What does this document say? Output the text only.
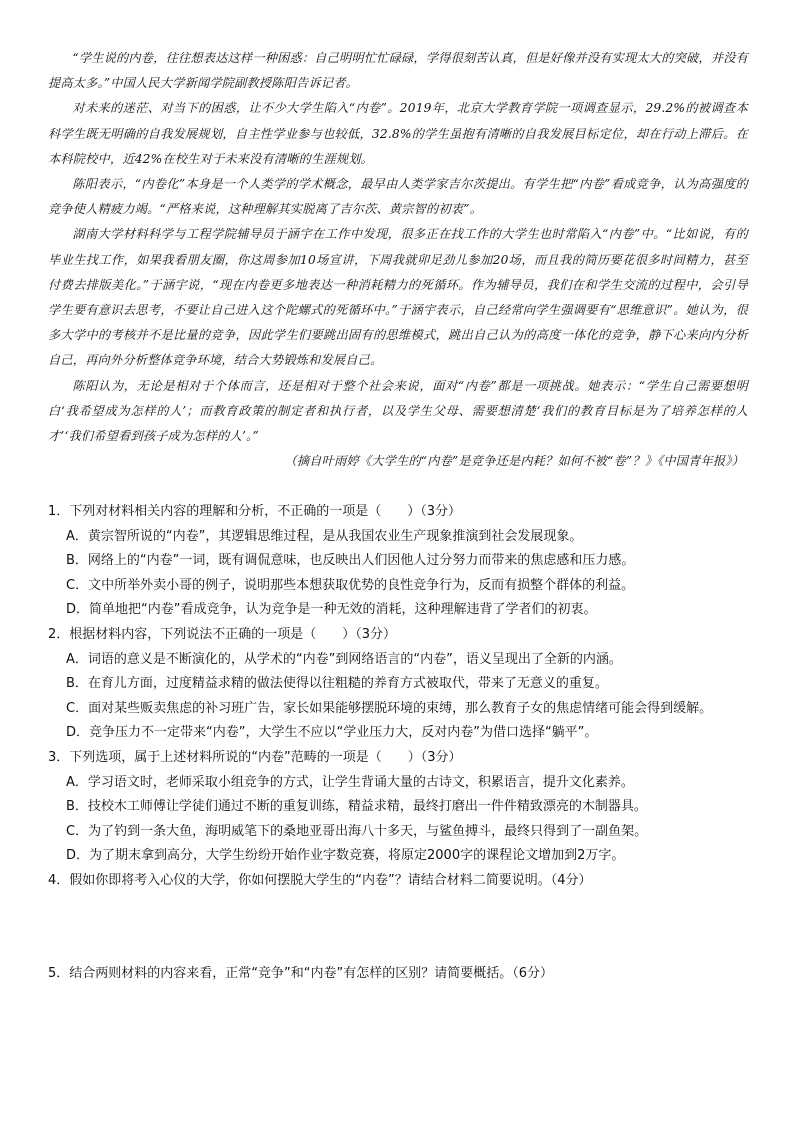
“学生说的内卷，往往想表达这样一种困惑：自己明明忙忙碌碌，学得很刻苦认真，但是好像并没有实现太大的突破，并没有提高太多。”中国人民大学新闻学院副教授陈阳告诉记者。

对未来的迷茫、对当下的困惑，让不少大学生陷入“内卷”。2019年，北京大学教育学院一项调查显示，29.2%的被调查本科学生既无明确的自我发展规划，自主性学业参与也较低，32.8%的学生虽抱有清晰的自我发展目标定位，却在行动上滞后。在本科院校中，近42%在校生对于未来没有清晰的生涯规划。

陈阳表示，“内卷化”本身是一个人类学的学术概念，最早由人类学家吉尔茨提出。有学生把“内卷”看成竞争，认为高强度的竞争使人精疲力竭。“严格来说，这种理解其实脱离了吉尔茨、黄宗智的初衷”。

湖南大学材料科学与工程学院辅导员于涵宇在工作中发现，很多正在找工作的大学生也时常陷入“内卷”中。“比如说，有的毕业生找工作，如果我看朋友圈，你这周参加10场宣讲，下周我就卯足劲儿参加20场，而且我的简历要花很多时间精力，甚至付费去排版美化。”于涵宇说，“现在内卷更多地表达一种消耗精力的死循环。作为辅导员，我们在和学生交流的过程中，会引导学生要有意识去思考，不要让自己进入这个陀螺式的死循环中。”于涵宇表示，自己经常向学生强调要有“思维意识”。她认为，很多大学中的考核并不是比量的竞争，因此学生们要跳出固有的思维模式，跳出自己认为的高度一体化的竞争，静下心来向内分析自己，再向外分析整体竞争环境，结合大势锻炼和发展自己。

陈阳认为，无论是相对于个体而言，还是相对于整个社会来说，面对“内卷”都是一项挑战。她表示：“学生自己需要想明白‘我希望成为怎样的人’；而教育政策的制定者和执行者，以及学生父母、需要想清楚‘我们的教育目标是为了培养怎样的人才’‘我们希望看到孩子成为怎样的人’。”

（摘自叶雨婷《大学生的“内卷”是竞争还是内耗？如何不被“卷”？》《中国青年报》）

1．下列对材料相关内容的理解和分析，不正确的一项是（　　）（3分）

A．黄宗智所说的“内卷”，其逻辑思维过程，是从我国农业生产现象推演到社会发展现象。

B．网络上的“内卷”一词，既有调侃意味，也反映出人们因他人过分努力而带来的焦虑感和压力感。

C．文中所举外卖小哥的例子，说明那些本想获取优势的良性竞争行为，反而有损整个群体的利益。

D．简单地把“内卷”看成竞争，认为竞争是一种无效的消耗，这种理解违背了学者们的初衷。

2．根据材料内容，下列说法不正确的一项是（　　）（3分）

A．词语的意义是不断演化的，从学术的“内卷”到网络语言的“内卷”，语义呈现出了全新的内涵。

B．在育儿方面，过度精益求精的做法使得以往粗糙的养育方式被取代，带来了无意义的重复。

C．面对某些贩卖焦虑的补习班广告，家长如果能够摆脱环境的束缚，那么教育子女的焦虑情绪可能会得到缓解。

D．竞争压力不一定带来“内卷”，大学生不应以“学业压力大，反对内卷”为借口选择“躺平”。

3．下列选项，属于上述材料所说的“内卷”范畴的一项是（　　）（3分）

A．学习语文时，老师采取小组竞争的方式，让学生背诵大量的古诗文，积累语言，提升文化素养。

B．技校木工师傅让学徒们通过不断的重复训练，精益求精，最终打磨出一件件精致漂亮的木制器具。

C．为了钓到一条大鱼，海明威笔下的桑地亚哥出海八十多天，与鲨鱼搏斗，最终只得到了一副鱼架。

D．为了期末拿到高分，大学生纷纷开始作业字数竞赛，将原定2000字的课程论文增加到2万字。

4．假如你即将考入心仪的大学，你如何摆脱大学生的“内卷”？请结合材料二简要说明。（4分）

5．结合两则材料的内容来看，正常“竞争”和“内卷”有怎样的区别？请简要概括。（6分）
